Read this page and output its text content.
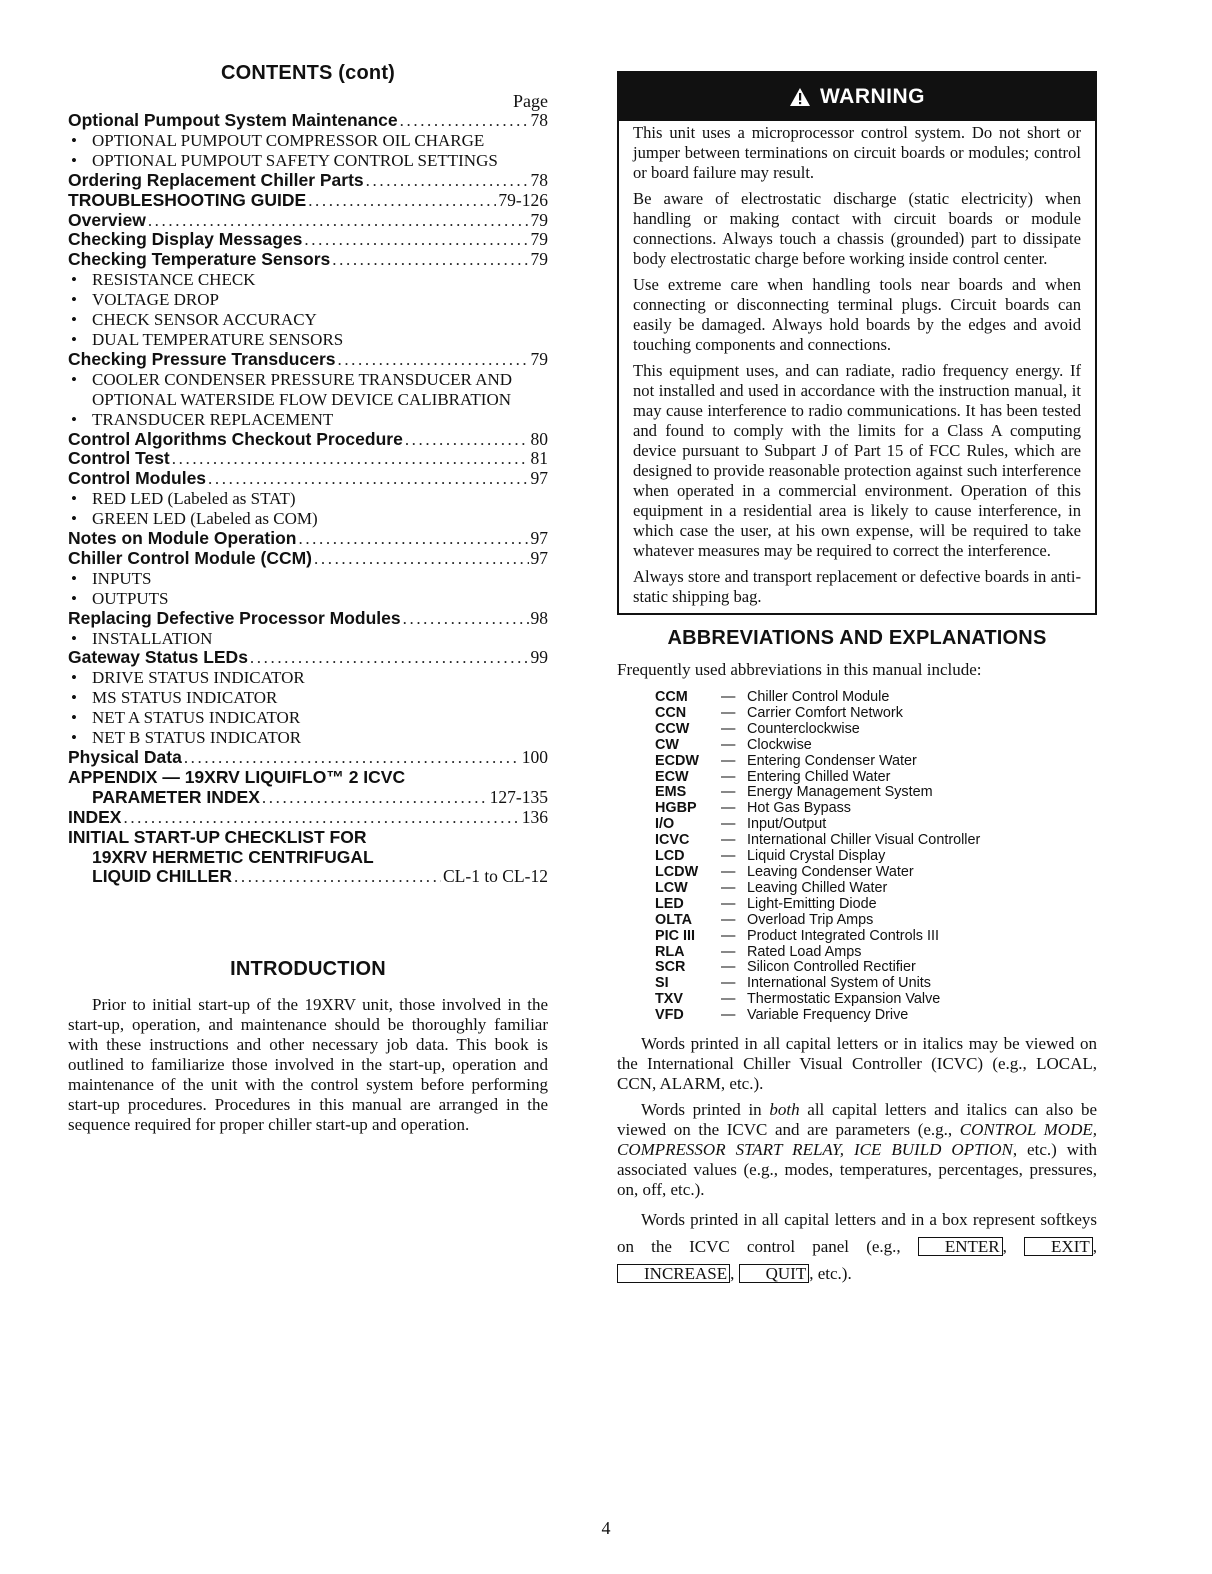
CONTENTS (cont)
Page
Optional Pumpout System Maintenance .....	78
• OPTIONAL PUMPOUT COMPRESSOR OIL CHARGE
• OPTIONAL PUMPOUT SAFETY CONTROL SETTINGS
Ordering Replacement Chiller Parts .....	78
TROUBLESHOOTING GUIDE .....	79-126
Overview .....	79
Checking Display Messages .....	79
Checking Temperature Sensors .....	79
• RESISTANCE CHECK
• VOLTAGE DROP
• CHECK SENSOR ACCURACY
• DUAL TEMPERATURE SENSORS
Checking Pressure Transducers .....	79
• COOLER CONDENSER PRESSURE TRANSDUCER AND OPTIONAL WATERSIDE FLOW DEVICE CALIBRATION
• TRANSDUCER REPLACEMENT
Control Algorithms Checkout Procedure .....	80
Control Test .....	81
Control Modules .....	97
• RED LED (Labeled as STAT)
• GREEN LED (Labeled as COM)
Notes on Module Operation .....	97
Chiller Control Module (CCM) .....	97
• INPUTS
• OUTPUTS
Replacing Defective Processor Modules .....	98
• INSTALLATION
Gateway Status LEDs .....	99
• DRIVE STATUS INDICATOR
• MS STATUS INDICATOR
• NET A STATUS INDICATOR
• NET B STATUS INDICATOR
Physical Data .....	100
APPENDIX — 19XRV LIQUIFLO™ 2 ICVC
PARAMETER INDEX .....	127-135
INDEX .....	136
INITIAL START-UP CHECKLIST FOR
19XRV HERMETIC CENTRIFUGAL
LIQUID CHILLER .....	CL-1 to CL-12
INTRODUCTION

Prior to initial start-up of the 19XRV unit, those involved in the start-up, operation, and maintenance should be thoroughly familiar with these instructions and other necessary job data. This book is outlined to familiarize those involved in the start-up, operation and maintenance of the unit with the control system before performing start-up procedures. Procedures in this manual are arranged in the sequence required for proper chiller start-up and operation.

WARNING

This unit uses a microprocessor control system. Do not short or jumper between terminations on circuit boards or modules; control or board failure may result.

Be aware of electrostatic discharge (static electricity) when handling or making contact with circuit boards or module connections. Always touch a chassis (grounded) part to dissipate body electrostatic charge before working inside control center.

Use extreme care when handling tools near boards and when connecting or disconnecting terminal plugs. Circuit boards can easily be damaged. Always hold boards by the edges and avoid touching components and connections.

This equipment uses, and can radiate, radio frequency energy. If not installed and used in accordance with the instruction manual, it may cause interference to radio communications. It has been tested and found to comply with the limits for a Class A computing device pursuant to Subpart J of Part 15 of FCC Rules, which are designed to provide reasonable protection against such interference when operated in a commercial environment. Operation of this equipment in a residential area is likely to cause interference, in which case the user, at his own expense, will be required to take whatever measures may be required to correct the interference.

Always store and transport replacement or defective boards in anti-static shipping bag.

ABBREVIATIONS AND EXPLANATIONS

Frequently used abbreviations in this manual include:

CCM	— Chiller Control Module
CCN	— Carrier Comfort Network
CCW	— Counterclockwise
CW	— Clockwise
ECDW	— Entering Condenser Water
ECW	— Entering Chilled Water
EMS	— Energy Management System
HGBP	— Hot Gas Bypass
I/O	— Input/Output
ICVC	— International Chiller Visual Controller
LCD	— Liquid Crystal Display
LCDW	— Leaving Condenser Water
LCW	— Leaving Chilled Water
LED	— Light-Emitting Diode
OLTA	— Overload Trip Amps
PIC III	— Product Integrated Controls III
RLA	— Rated Load Amps
SCR	— Silicon Controlled Rectifier
SI	— International System of Units
TXV	— Thermostatic Expansion Valve
VFD	— Variable Frequency Drive

Words printed in all capital letters or in italics may be viewed on the International Chiller Visual Controller (ICVC) (e.g., LOCAL, CCN, ALARM, etc.).

Words printed in both all capital letters and italics can also be viewed on the ICVC and are parameters (e.g., CONTROL MODE, COMPRESSOR START RELAY, ICE BUILD OPTION, etc.) with associated values (e.g., modes, temperatures, percentages, pressures, on, off, etc.).

Words printed in all capital letters and in a box represent softkeys on the ICVC control panel (e.g., ENTER , EXIT , INCREASE , QUIT , etc.).

4
